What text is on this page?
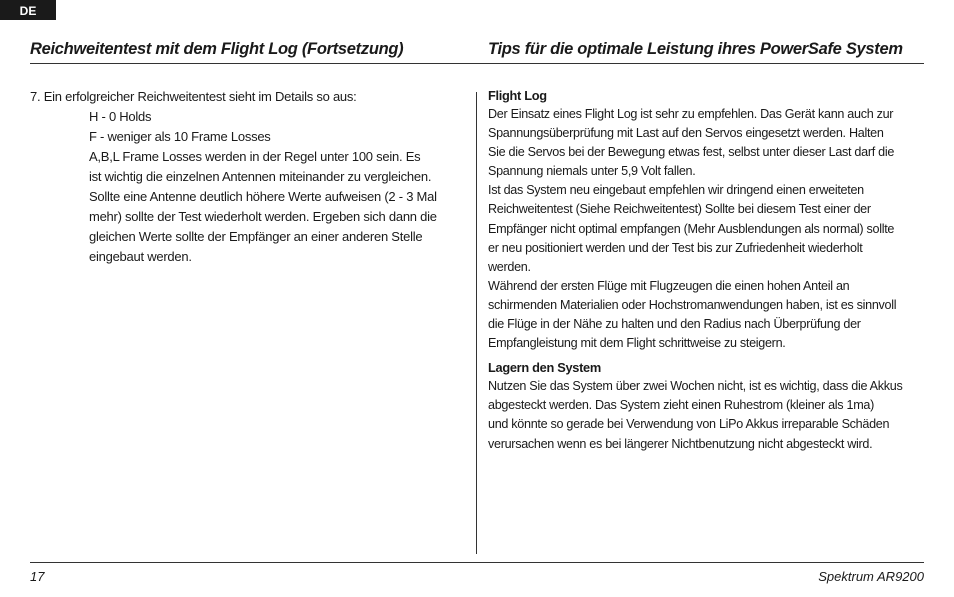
DE
Reichweitentest mit dem Flight Log (Fortsetzung)	Tips für die optimale Leistung ihres PowerSafe System
7. Ein erfolgreicher Reichweitentest sieht im Details so aus:
H - 0 Holds
F - weniger als 10 Frame Losses
A,B,L Frame Losses werden in der Regel unter 100 sein. Es
ist wichtig die einzelnen Antennen miteinander zu vergleichen.
Sollte eine Antenne deutlich höhere Werte aufweisen (2 - 3 Mal
mehr) sollte der Test wiederholt werden. Ergeben sich dann die
gleichen Werte sollte der Empfänger an einer anderen Stelle
eingebaut werden.
Flight Log

Der Einsatz eines Flight Log ist sehr zu empfehlen. Das Gerät kann auch zur

Spannungsüberprüfung mit Last auf den Servos eingesetzt werden. Halten

Sie die Servos bei der Bewegung etwas fest, selbst unter dieser Last darf die

Spannung niemals unter 5,9 Volt fallen.

Ist das System neu eingebaut empfehlen wir dringend einen erweiteten

Reichweitentest (Siehe Reichweitentest) Sollte bei diesem Test einer der

Empfänger nicht optimal empfangen (Mehr Ausblendungen als normal) sollte

er neu positioniert werden und der Test bis zur Zufriedenheit wiederholt

werden.

Während der ersten Flüge mit Flugzeugen die einen hohen Anteil an

schirmenden Materialien oder Hochstromanwendungen haben, ist es sinnvoll

die Flüge in der Nähe zu halten und den Radius nach Überprüfung der

Empfangleistung mit dem Flight schrittweise zu steigern.

Lagern den System

Nutzen Sie das System über zwei Wochen nicht, ist es wichtig, dass die Akkus

abgesteckt werden. Das System zieht einen Ruhestrom (kleiner als 1ma)

und könnte so gerade bei Verwendung von LiPo Akkus irreparable Schäden

verursachen wenn es bei längerer Nichtbenutzung nicht abgesteckt wird.

17	Spektrum AR9200
